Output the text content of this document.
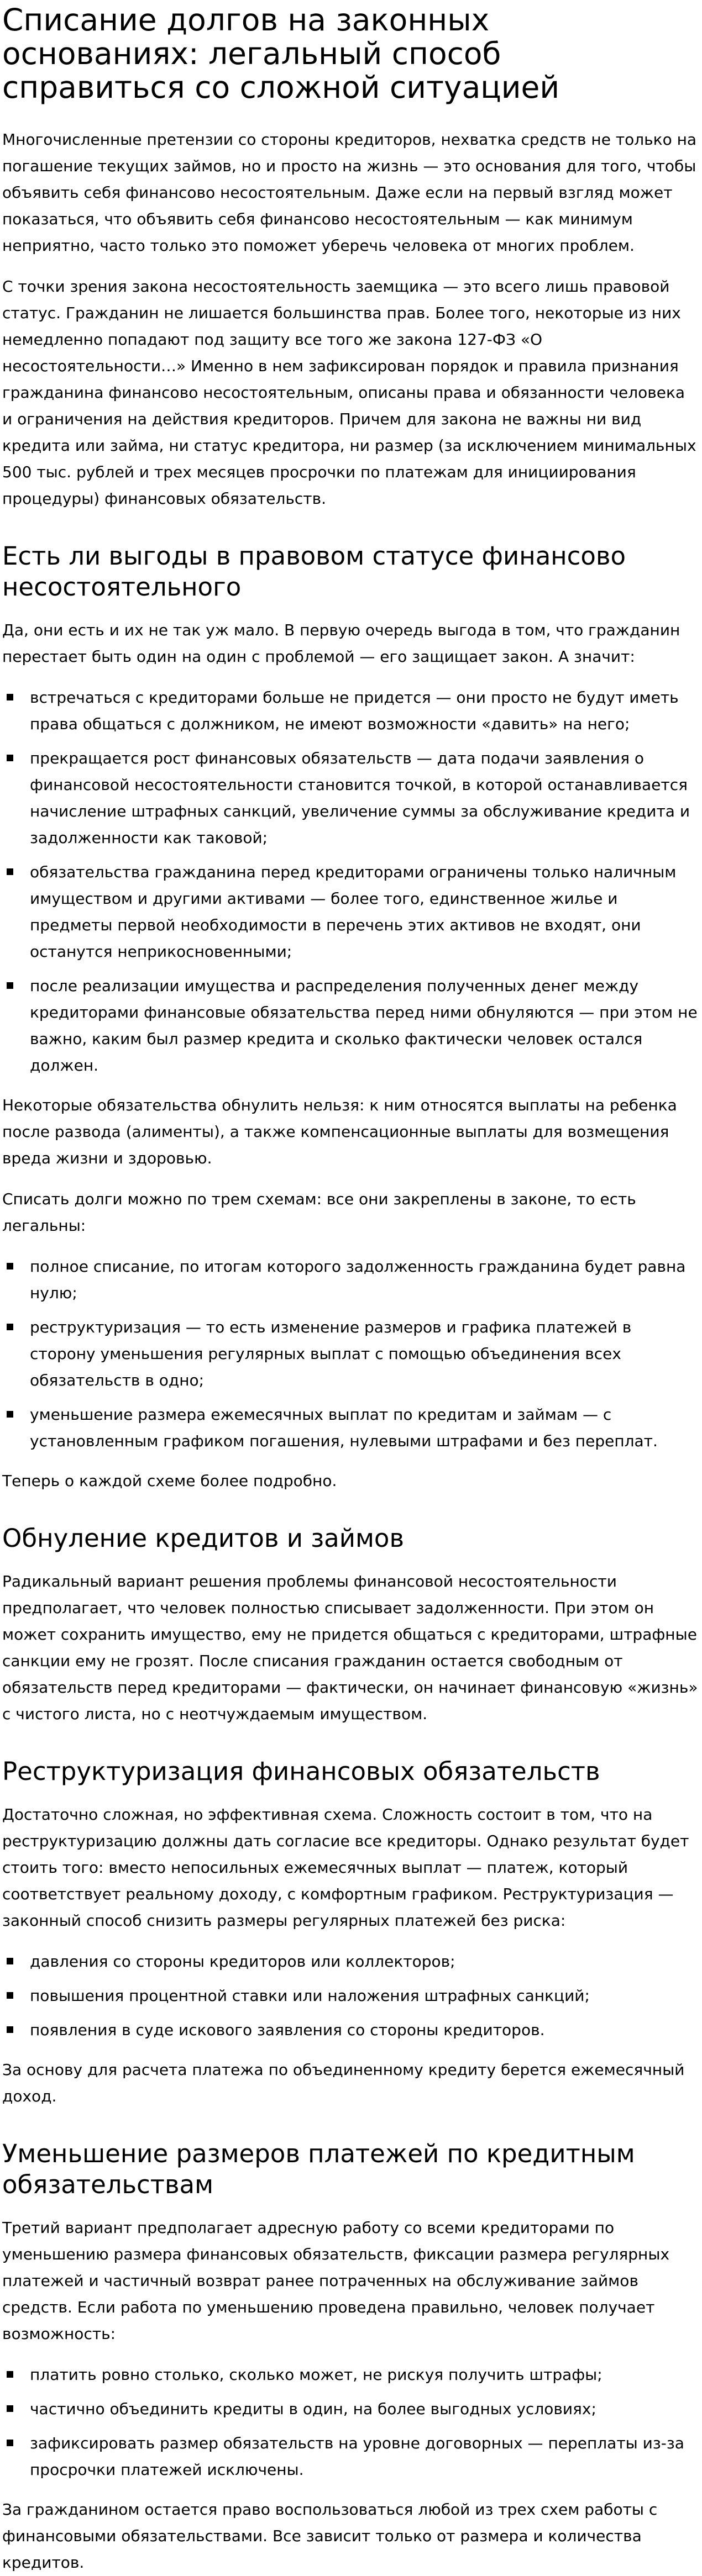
Списание долгов на законных основаниях: легальный способ справиться со сложной ситуацией

Многочисленные претензии со стороны кредиторов, нехватка средств не только на погашение текущих займов, но и просто на жизнь — это основания для того, чтобы объявить себя финансово несостоятельным. Даже если на первый взгляд может показаться, что объявить себя финансово несостоятельным — как минимум неприятно, часто только это поможет уберечь человека от многих проблем.

С точки зрения закона несостоятельность заемщика — это всего лишь правовой статус. Гражданин не лишается большинства прав. Более того, некоторые из них немедленно попадают под защиту все того же закона 127-ФЗ «О несостоятельности…» Именно в нем зафиксирован порядок и правила признания гражданина финансово несостоятельным, описаны права и обязанности человека и ограничения на действия кредиторов. Причем для закона не важны ни вид кредита или займа, ни статус кредитора, ни размер (за исключением минимальных 500 тыс. рублей и трех месяцев просрочки по платежам для инициирования процедуры) финансовых обязательств.

Есть ли выгоды в правовом статусе финансово несостоятельного

Да, они есть и их не так уж мало. В первую очередь выгода в том, что гражданин перестает быть один на один с проблемой — его защищает закон. А значит:

встречаться с кредиторами больше не придется — они просто не будут иметь права общаться с должником, не имеют возможности «давить» на него;
прекращается рост финансовых обязательств — дата подачи заявления о финансовой несостоятельности становится точкой, в которой останавливается начисление штрафных санкций, увеличение суммы за обслуживание кредита и задолженности как таковой;
обязательства гражданина перед кредиторами ограничены только наличным имуществом и другими активами — более того, единственное жилье и предметы первой необходимости в перечень этих активов не входят, они останутся неприкосновенными;
после реализации имущества и распределения полученных денег между кредиторами финансовые обязательства перед ними обнуляются — при этом не важно, каким был размер кредита и сколько фактически человек остался должен.

Некоторые обязательства обнулить нельзя: к ним относятся выплаты на ребенка после развода (алименты), а также компенсационные выплаты для возмещения вреда жизни и здоровью.

Списать долги можно по трем схемам: все они закреплены в законе, то есть легальны:

полное списание, по итогам которого задолженность гражданина будет равна нулю;
реструктуризация — то есть изменение размеров и графика платежей в сторону уменьшения регулярных выплат с помощью объединения всех обязательств в одно;
уменьшение размера ежемесячных выплат по кредитам и займам — с установленным графиком погашения, нулевыми штрафами и без переплат.

Теперь о каждой схеме более подробно.

Обнуление кредитов и займов

Радикальный вариант решения проблемы финансовой несостоятельности предполагает, что человек полностью списывает задолженности. При этом он может сохранить имущество, ему не придется общаться с кредиторами, штрафные санкции ему не грозят. После списания гражданин остается свободным от обязательств перед кредиторами — фактически, он начинает финансовую «жизнь» с чистого листа, но с неотчуждаемым имуществом.

Реструктуризация финансовых обязательств

Достаточно сложная, но эффективная схема. Сложность состоит в том, что на реструктуризацию должны дать согласие все кредиторы. Однако результат будет стоить того: вместо непосильных ежемесячных выплат — платеж, который соответствует реальному доходу, с комфортным графиком. Реструктуризация — законный способ снизить размеры регулярных платежей без риска:

давления со стороны кредиторов или коллекторов;
повышения процентной ставки или наложения штрафных санкций;
появления в суде искового заявления со стороны кредиторов.

За основу для расчета платежа по объединенному кредиту берется ежемесячный доход.

Уменьшение размеров платежей по кредитным обязательствам

Третий вариант предполагает адресную работу со всеми кредиторами по уменьшению размера финансовых обязательств, фиксации размера регулярных платежей и частичный возврат ранее потраченных на обслуживание займов средств. Если работа по уменьшению проведена правильно, человек получает возможность:

платить ровно столько, сколько может, не рискуя получить штрафы;
частично объединить кредиты в один, на более выгодных условиях;
зафиксировать размер обязательств на уровне договорных — переплаты из-за просрочки платежей исключены.

За гражданином остается право воспользоваться любой из трех схем работы с финансовыми обязательствами. Все зависит только от размера и количества кредитов.
